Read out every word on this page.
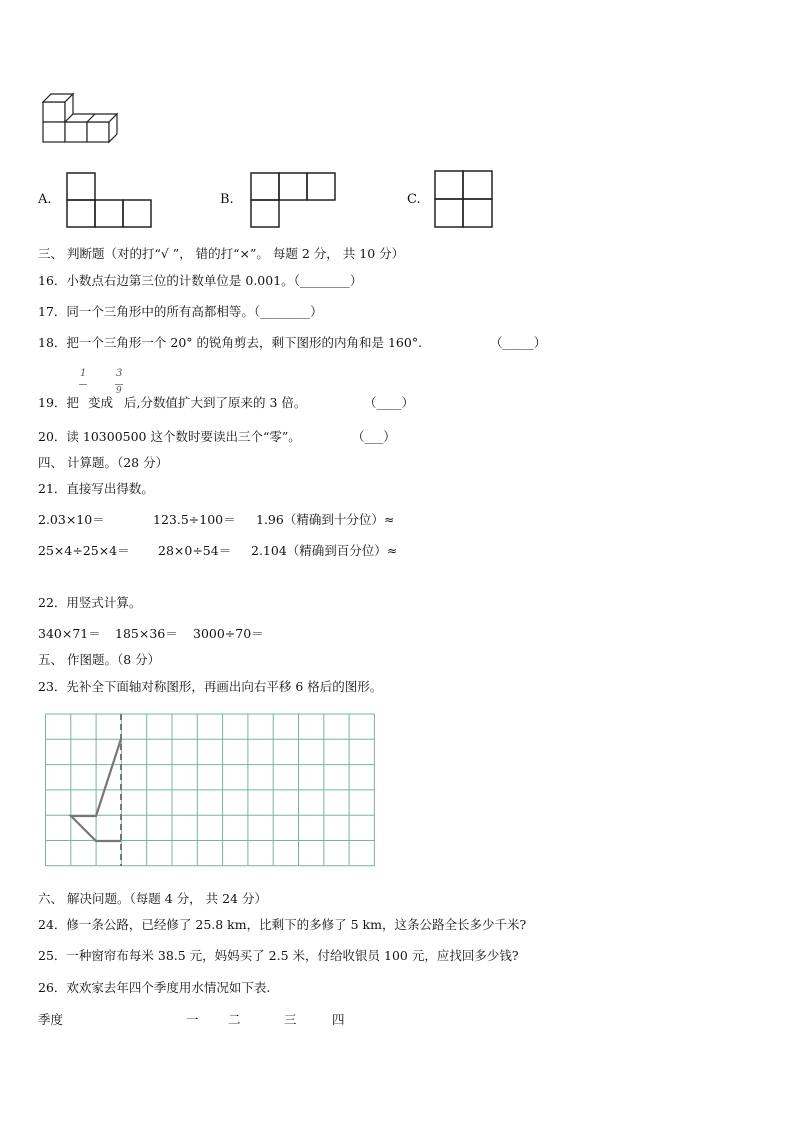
A.	B.	C.
三、 判断题（对的打“√ ”， 错的打“×”。 每题 2 分， 共 10 分）
16．小数点右边第三位的计数单位是 0.001。（________）
17．同一个三角形中的所有高都相等。（________）
18．把一个三角形一个 20° 的锐角剪去，剩下图形的内角和是 160°.	（_____）
19．把
1
变成
3
9
后,分数值扩大到了原来的 3 倍。	（____）
20．读 10300500 这个数时要读出三个“零”。	（___）
四、 计算题。（28 分）
21．直接写出得数。
2.03×10＝	123.5÷100＝ 1.96（精确到十分位）≈
25×4÷25×4＝ 28×0÷54＝ 2.104（精确到百分位）≈
22．用竖式计算。
340×71＝ 185×36＝ 3000÷70＝
五、 作图题。（8 分）
23．先补全下面轴对称图形，再画出向右平移 6 格后的图形。
六、 解决问题。（每题 4 分， 共 24 分）
24．修一条公路，已经修了 25.8 km，比剩下的多修了 5 km，这条公路全长多少千米?
25．一种窗帘布每米 38.5 元，妈妈买了 2.5 米，付给收银员 100 元，应找回多少钱?
26．欢欢家去年四个季度用水情况如下表.
季度	一 二	三	四
